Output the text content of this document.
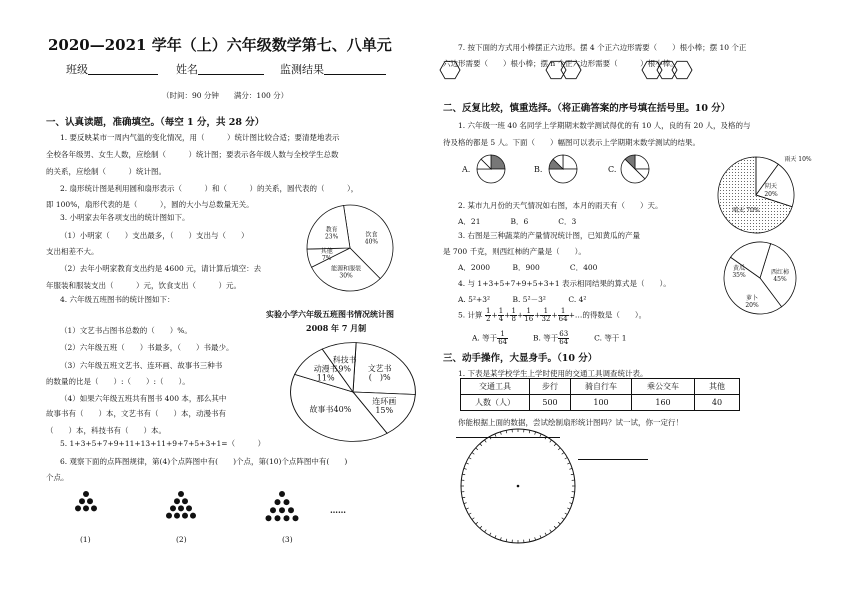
2020—2021 学年（上）六年级数学第七、八单元
班级	姓名	监测结果
（时间：90 分钟　　满分：100 分）
一、认真读题，准确填空。（每空 1 分，共 28 分）
1. 要反映某市一周内气温的变化情况，用（　　　）统计图比较合适；要清楚地表示
全校各年级男、女生人数，应绘制（　　　）统计图；要表示各年级人数与全校学生总数
的关系，应绘制（　　　）统计图。
2. 扇形统计图是利用圆和扇形表示（　　　）和（　　　）的关系，圆代表的（　　　），
即 100%，扇形代表的是（　　　），圆的大小与总数量无关。
3. 小明家去年各项支出的统计图如下。
（1）小明家（　　）支出最多，（　　）支出与（　　）
支出相差不大。
（2）去年小明家教育支出约是 4600 元，请计算后填空：去
年服装和服装支出（　　　）元，饮食支出（　　　）元。
4. 六年级五班图书的统计图如下：
饮食
40%
能源和服装
30%
其他
7%
教育
23%
实验小学六年级五班图书情况统计图
2008 年 7 月制
文艺书
(　)%
连环画
15%
故事书40%
动漫书
11%
科技书
9%
（1）文艺书占图书总数的（　　）%。
（2）六年级五班（　　）书最多，（　　）书最少。
（3）六年级五班文艺书、连环画、故事书三种书
的数量的比是（　　）:（　　）:（　　）。
（4）如果六年级五班共有图书 400 本，那么其中
故事书有（　　）本，文艺书有（　　）本，动漫书有
（　　）本，科技书有（　　）本。
5. 1+3+5+7+9+11+13+11+9+7+5+3+1=（　　　）
6. 观察下面的点阵图规律，第(4)个点阵图中有(　　)个点，第(10)个点阵图中有(　　)
个点。
(1)	(2)	(3)
……
7. 按下面的方式用小棒摆正六边形。摆 4 个正六边形需要（　　）根小棒；摆 10 个正
六边形需要（　　）根小棒；摆 n 个正六边形需要（　　　）根小棒。
二、反复比较，慎重选择。（将正确答案的序号填在括号里。10 分）
1. 六年级一班 40 名同学上学期期末数学测试得优的有 10 人，良的有 20 人，及格的与
待及格的都是 5 人。下面（　　）幅图可以表示上学期期末数学测试的结果。
A.	B.	C.
雨天 10%
阴天
20%
晴天 70%
2. 某市九月份的天气情况如右图，本月的雨天有（　　）天。
A．21　　　　B．6　　　　C．3
3. 右图是三种蔬菜的产量情况统计图，已知黄瓜的产量
是 700 千克，则西红柿的产量是（　　）。
A．2000　　　B．900　　　　C．400	黄瓜
35%	西红柿
45%
萝卜
20%
4. 与 1+3+5+7+9+5+3+1 表示相同结果的算式是（　　）。
A. 5²+3²　　　B. 5²－3²　　　C. 4²
5. 计算 $\frac{1}{2} + \frac{1}{4} + \frac{1}{8} + \frac{1}{16} + \frac{1}{32} + \frac{1}{64}$ +…的得数是（　　）。
A. 等于 $\frac{1}{64}$
　　　	B. 等于 $\frac{63}{64}$
　　　	C. 等于 1
三、动手操作，大显身手。（10 分）
1. 下表是某学校学生上学时使用的交通工具调查统计表。
交通工具	步行	骑自行车	乘公交车	其他
人数（人）	500	100	160	40
你能根据上面的数据，尝试绘制扇形统计图吗？试一试，你一定行！
